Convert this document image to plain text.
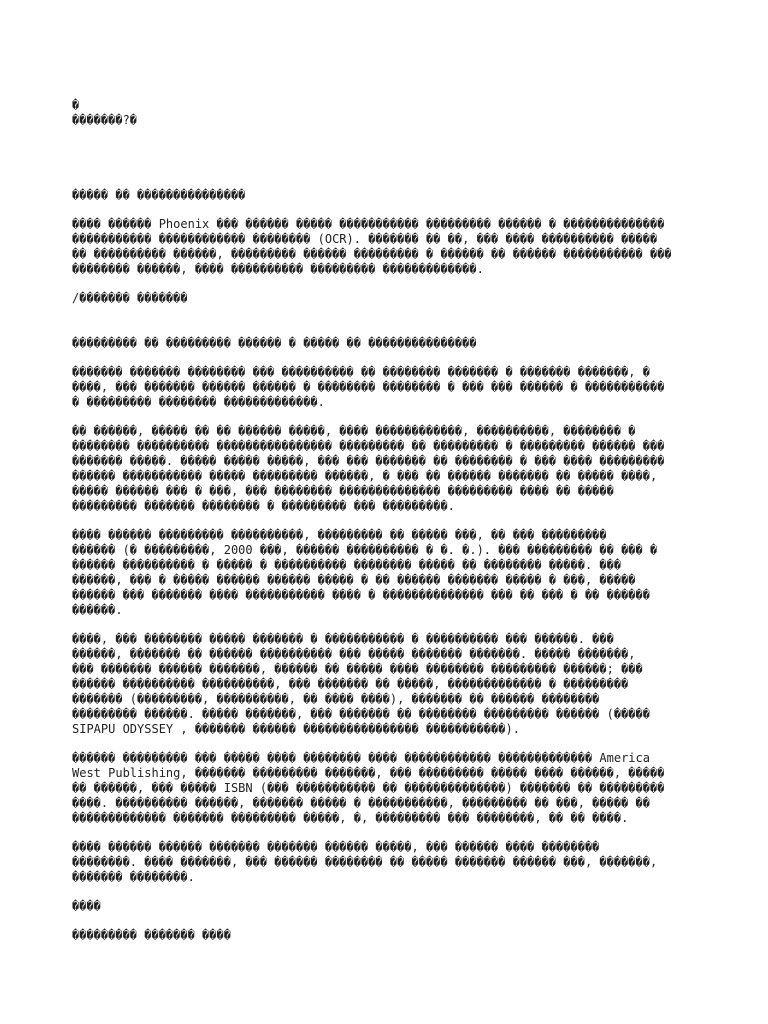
�

�������?�

����� �� ���������������

���� ������ Phoenix ��� ������ ����� ����������� ��������� ������ � ��������������
����������� ������������ �������� (OCR). ������� �� ��, ��� ���� ���������� �����
�� ���������� ������, ��������� ������ ��������� � ������ �� ������ ����������� ���
�������� ������, ���� ���������� ��������� �������������.

/������� �������

��������� �� ��������� ������ � ����� �� ���������������

������� ������� �������� ��� ���������� �� �������� ������� � ������� �������, �
����, ��� ������� ������ ������ � �������� �������� � ��� ��� ������ � �����������
� ��������� �������� �������������.

�� ������, ����� �� �� ������ �����, ���� ������������, ����������, �������� �
�������� ���������� ���������������� ��������� �� ��������� � ��������� ������ ���
������� �����. ����� ����� �����, ��� ��� ������� �� �������� � ��� ���� ���������
������ ����������� ����� ��������� ������, � ��� �� ������ ������� �� ����� ����,
����� ������ ��� � ���, ��� �������� �������������� ��������� ���� �� �����
��������� ������� �������� � ��������� ��� ���������.

���� ������ ��������� ����������, ��������� �� ����� ���, �� ��� ���������
������ (� ���������, 2000 ���, ������ ���������� � �. �.). ��� ��������� �� ��� �
������ ���������� � ����� � ���������� �������� ����� �� �������� �����. ���
������, ��� � ����� ������ ������ ����� � �� ������ ������� ����� � ���, �����
������ ��� ������� ���� ����������� ���� � �������������� ��� �� ��� � �� ������
������.

����, ��� �������� ����� ������� � ����������� � ���������� ��� ������. ���
������, ������� �� ������ ���������� ��� ����� ������� �������. ����� �������,
��� ������� ������ �������, ������ �� ����� ���� �������� ��������� ������; ���
������ ���������� ����������, ��� ������� �� �����, ������������� � ���������
������� (���������, ����������, �� ���� ����), ������� �� ������ ��������
��������� ������. ����� �������, ��� ������� �� �������� ��������� ������ (�����
SIPAPU ODYSSEY , ������� ������ ���������������� �����������).

������ ��������� ��� ����� ���� �������� ���� ������������ ������������� America
West Publishing, ������� ��������� �������, ��� ��������� ����� ���� ������, �����
�� ������, ��� ����� ISBN (��� ����������� �� ��������������) ������� �� ���������
����. ���������� ������, ������� ����� � �����������, ��������� �� ���, ����� ��
������������� ������� ��������� �����, �, ��������� ��� ��������, �� �� ����.

���� ������ ������ ������� ������� ������ �����, ��� ������ ���� ��������
��������. ���� �������, ��� ������ �������� �� ����� ������� ������ ���, �������,
������� ��������.

����

��������� ������� ����
